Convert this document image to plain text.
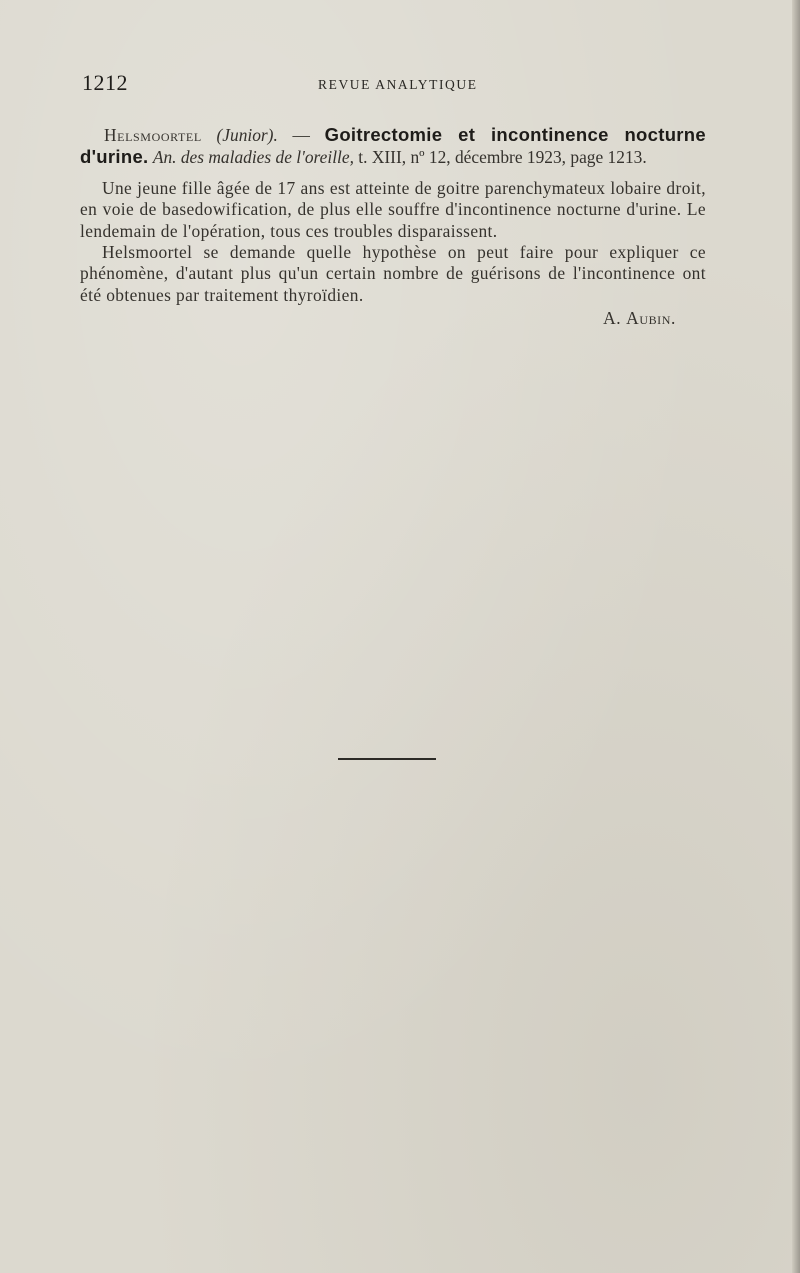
1212	REVUE ANALYTIQUE

Helsmoortel (Junior). — Goitrectomie et incontinence nocturne d'urine. An. des maladies de l'oreille, t. XIII, nº 12, décembre 1923, page 1213.

Une jeune fille âgée de 17 ans est atteinte de goitre parenchymateux lobaire droit, en voie de basedowification, de plus elle souffre d'incontinence nocturne d'urine. Le lendemain de l'opération, tous ces troubles disparaissent.

Helsmoortel se demande quelle hypothèse on peut faire pour expliquer ce phénomène, d'autant plus qu'un certain nombre de guérisons de l'incontinence ont été obtenues par traitement thyroïdien.

A. Aubin.
